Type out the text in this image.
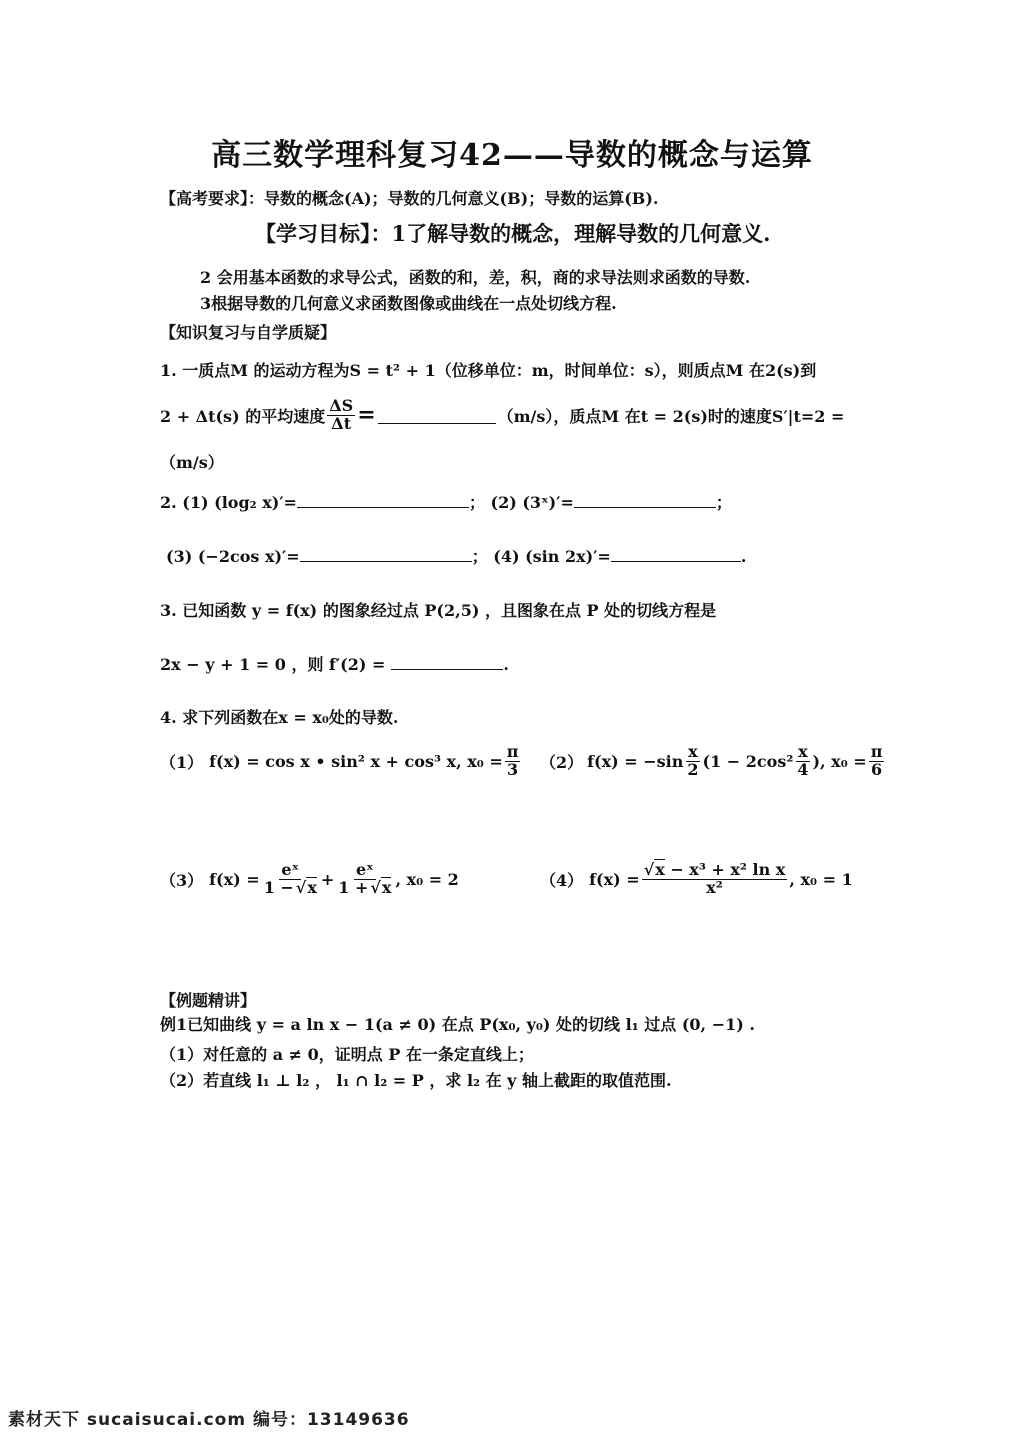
高三数学理科复习42——导数的概念与运算
【高考要求】：导数的概念(A)；导数的几何意义(B)；导数的运算(B).
【学习目标】：1了解导数的概念，理解导数的几何意义.
2 会用基本函数的求导公式，函数的和，差，积，商的求导法则求函数的导数.
3根据导数的几何意义求函数图像或曲线在一点处切线方程.
【知识复习与自学质疑】
1. 一质点M 的运动方程为S = t² + 1（位移单位：m，时间单位：s），则质点M 在2(s)到
2 + Δt(s) 的平均速度 $\frac{\Delta S}{\Delta t}$ =	（m/s），质点M 在t = 2(s)时的速度S′|t=2 =
（m/s）
2. (1) (log₂ x)′=	； (2) (3ˣ)′=	；
(3) (−2cos x)′=	； (4) (sin 2x)′=	.
3. 已知函数 y = f(x) 的图象经过点 P(2,5) ，且图象在点 P 处的切线方程是
2x − y + 1 = 0 ，则 f′(2) =	.
4. 求下列函数在x = x₀处的导数.
（1） f(x) = cos x • sin² x + cos³ x, $x_0 = \frac{\pi}{3} (2) f(x) = -\sin \frac{x}{2} (1 - 2\cos^2 \frac{x}{4}$ ), $x_0 = \frac{\pi}{6}$
（3） $f(x) = \frac{\text{eˣ}}{1 - √x} + \frac{\text{eˣ}}{1 + √x}$ , x₀ = 2	（4） $f(x) = \frac{\text{√x − x³ + x² ln x}}{\text{x²}}$ , x₀ = 1
【例题精讲】
例1已知曲线 y = a ln x − 1(a ≠ 0) 在点 P(x₀, y₀) 处的切线 l₁ 过点 (0, −1) .
（1）对任意的 a ≠ 0，证明点 P 在一条定直线上；
（2）若直线 l₁ ⊥ l₂ ， l₁ ∩ l₂ = P ，求 l₂ 在 y 轴上截距的取值范围.
素材天下 sucaisucai.com 编号：13149636
